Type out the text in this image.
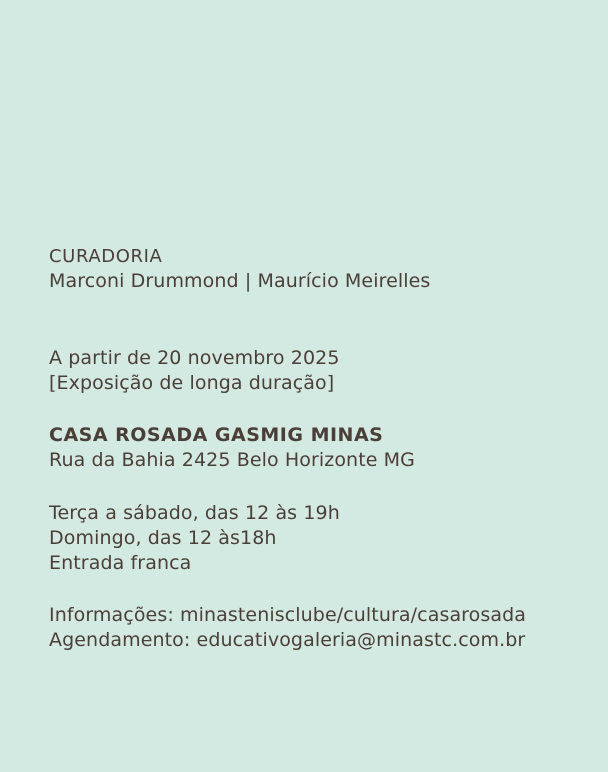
CURADORIA
Marconi Drummond | Maurício Meirelles
A partir de 20 novembro 2025
[Exposição de longa duração]
CASA ROSADA GASMIG MINAS
Rua da Bahia 2425 Belo Horizonte MG
Terça a sábado, das 12 às 19h
Domingo, das 12 às18h
Entrada franca
Informações: minastenisclube/cultura/casarosada
Agendamento: educativogaleria@minastc.com.br
